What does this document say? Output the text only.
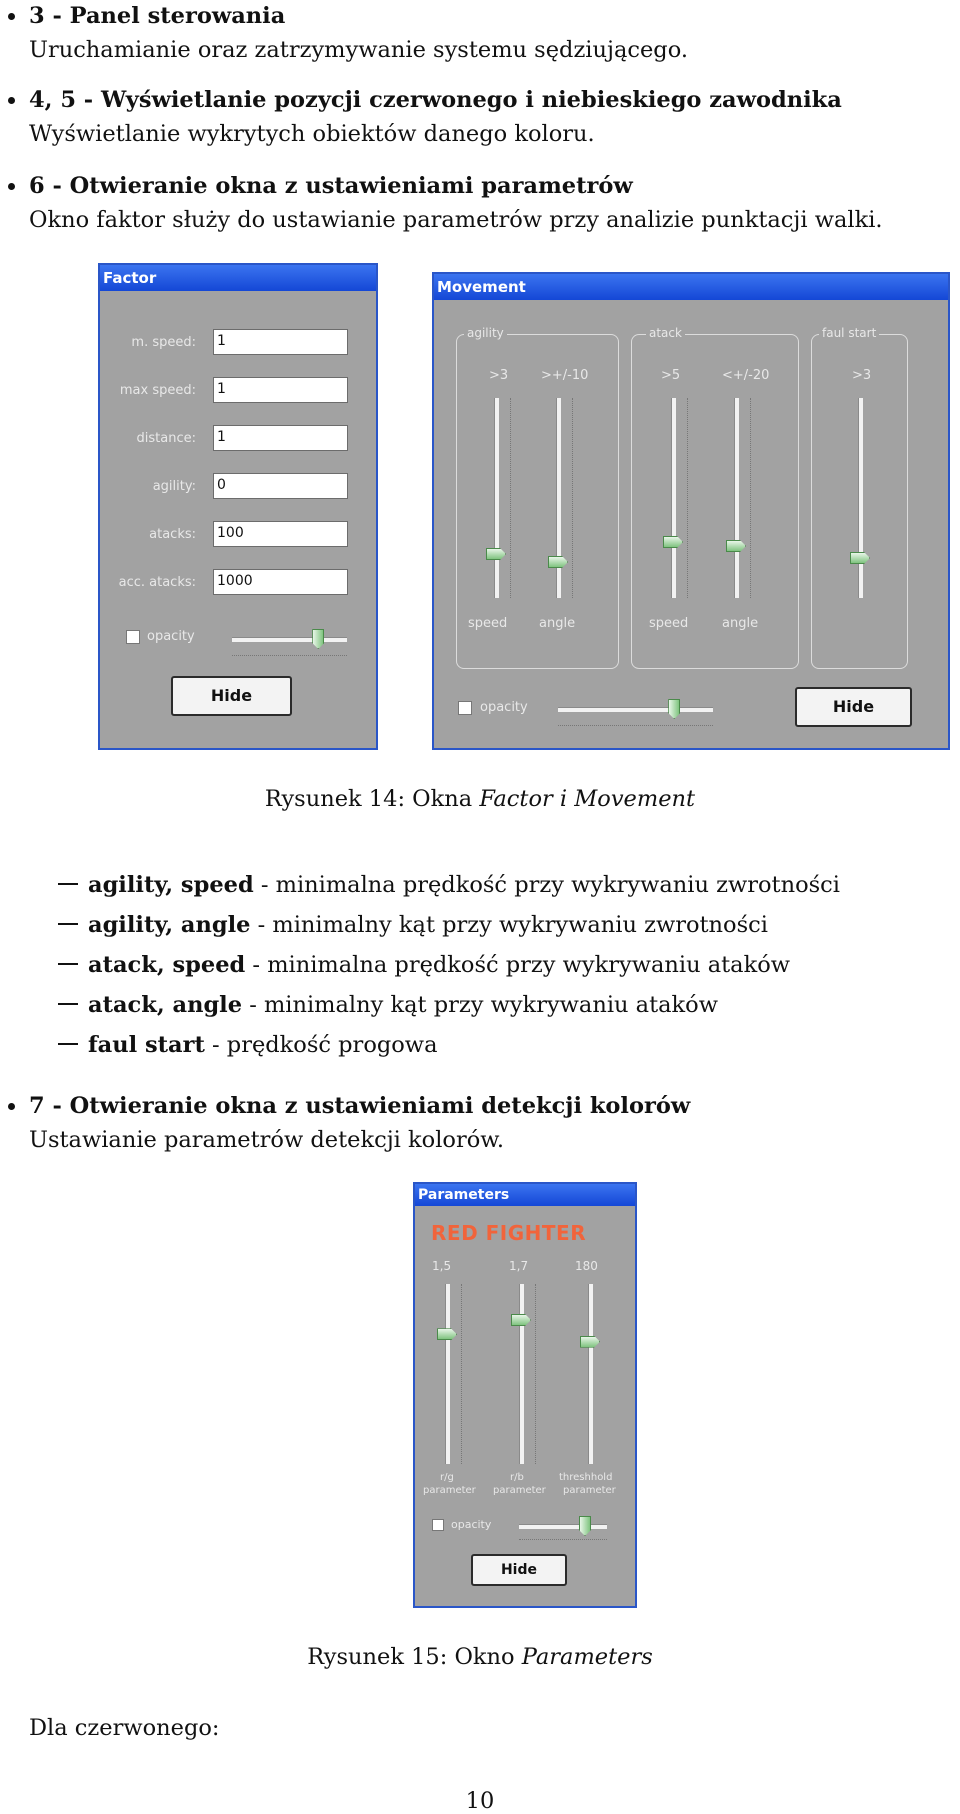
3 - Panel sterowania
Uruchamianie oraz zatrzymywanie systemu sędziującego.
4, 5 - Wyświetlanie pozycji czerwonego i niebieskiego zawodnika
Wyświetlanie wykrytych obiektów danego koloru.
6 - Otwieranie okna z ustawieniami parametrów
Okno faktor służy do ustawianie parametrów przy analizie punktacji walki.
Factor
m. speed: 1
max speed: 1
distance: 1
agility: 0
atacks: 100
acc. atacks: 1000
opacity
Hide
Movement
agility
>3
speed
>+/-10
angle
atack
>5
speed
<+/-20
angle
faul start
>3
opacity	Hide
Rysunek 14: Okna Factor i Movement
agility, speed - minimalna prędkość przy wykrywaniu zwrotności
agility, angle - minimalny kąt przy wykrywaniu zwrotności
atack, speed - minimalna prędkość przy wykrywaniu ataków
atack, angle - minimalny kąt przy wykrywaniu ataków
faul start - prędkość progowa
7 - Otwieranie okna z ustawieniami detekcji kolorów
Ustawianie parametrów detekcji kolorów.
Parameters
RED FIGHTER
1,5
r/g
parameter
1,7
r/b
parameter
180
threshhold
parameter
opacity
Hide
Rysunek 15: Okno Parameters
Dla czerwonego:
10
